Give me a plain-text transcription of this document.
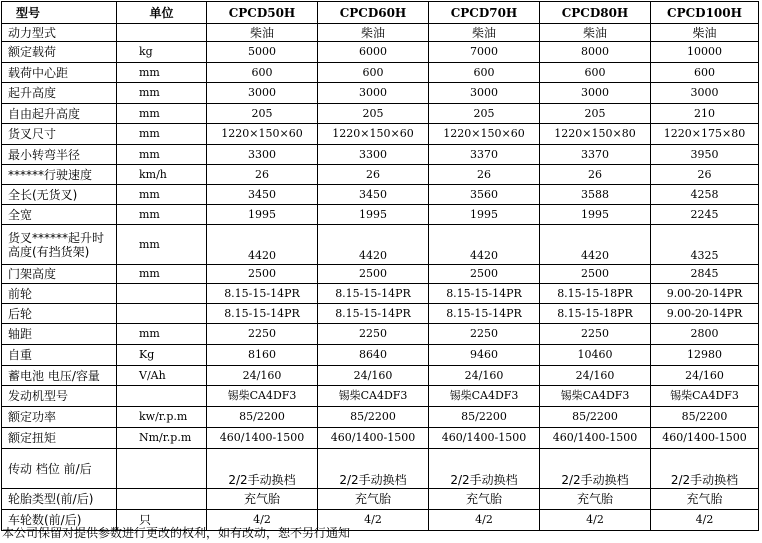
型号	单位	CPCD50H	CPCD60H	CPCD70H	CPCD80H	CPCD100H
动力型式		柴油	柴油	柴油	柴油	柴油
额定载荷	kg	5000	6000	7000	8000	10000
载荷中心距	mm	600	600	600	600	600
起升高度	mm	3000	3000	3000	3000	3000
自由起升高度	mm	205	205	205	205	210
货叉尺寸	mm	1220×150×60	1220×150×60	1220×150×60	1220×150×80	1220×175×80
最小转弯半径	mm	3300	3300	3370	3370	3950
******行驶速度	km/h	26	26	26	26	26
全长(无货叉)	mm	3450	3450	3560	3588	4258
全宽	mm	1995	1995	1995	1995	2245
货叉******起升时高度(有挡货架)	mm	4420	4420	4420	4420	4325
门架高度	mm	2500	2500	2500	2500	2845
前轮		8.15-15-14PR	8.15-15-14PR	8.15-15-14PR	8.15-15-18PR	9.00-20-14PR
后轮		8.15-15-14PR	8.15-15-14PR	8.15-15-14PR	8.15-15-18PR	9.00-20-14PR
轴距	mm	2250	2250	2250	2250	2800
自重	Kg	8160	8640	9460	10460	12980
蓄电池 电压/容量	V/Ah	24/160	24/160	24/160	24/160	24/160
发动机型号		锡柴CA4DF3	锡柴CA4DF3	锡柴CA4DF3	锡柴CA4DF3	锡柴CA4DF3
额定功率	kw/r.p.m	85/2200	85/2200	85/2200	85/2200	85/2200
额定扭矩	Nm/r.p.m	460/1400-1500	460/1400-1500	460/1400-1500	460/1400-1500	460/1400-1500
传动 档位 前/后		2/2手动换档	2/2手动换档	2/2手动换档	2/2手动换档	2/2手动换档
轮胎类型(前/后)		充气胎	充气胎	充气胎	充气胎	充气胎
车轮数(前/后)	只	4/2	4/2	4/2	4/2	4/2
本公司保留对提供参数进行更改的权利，如有改动，恕不另行通知
